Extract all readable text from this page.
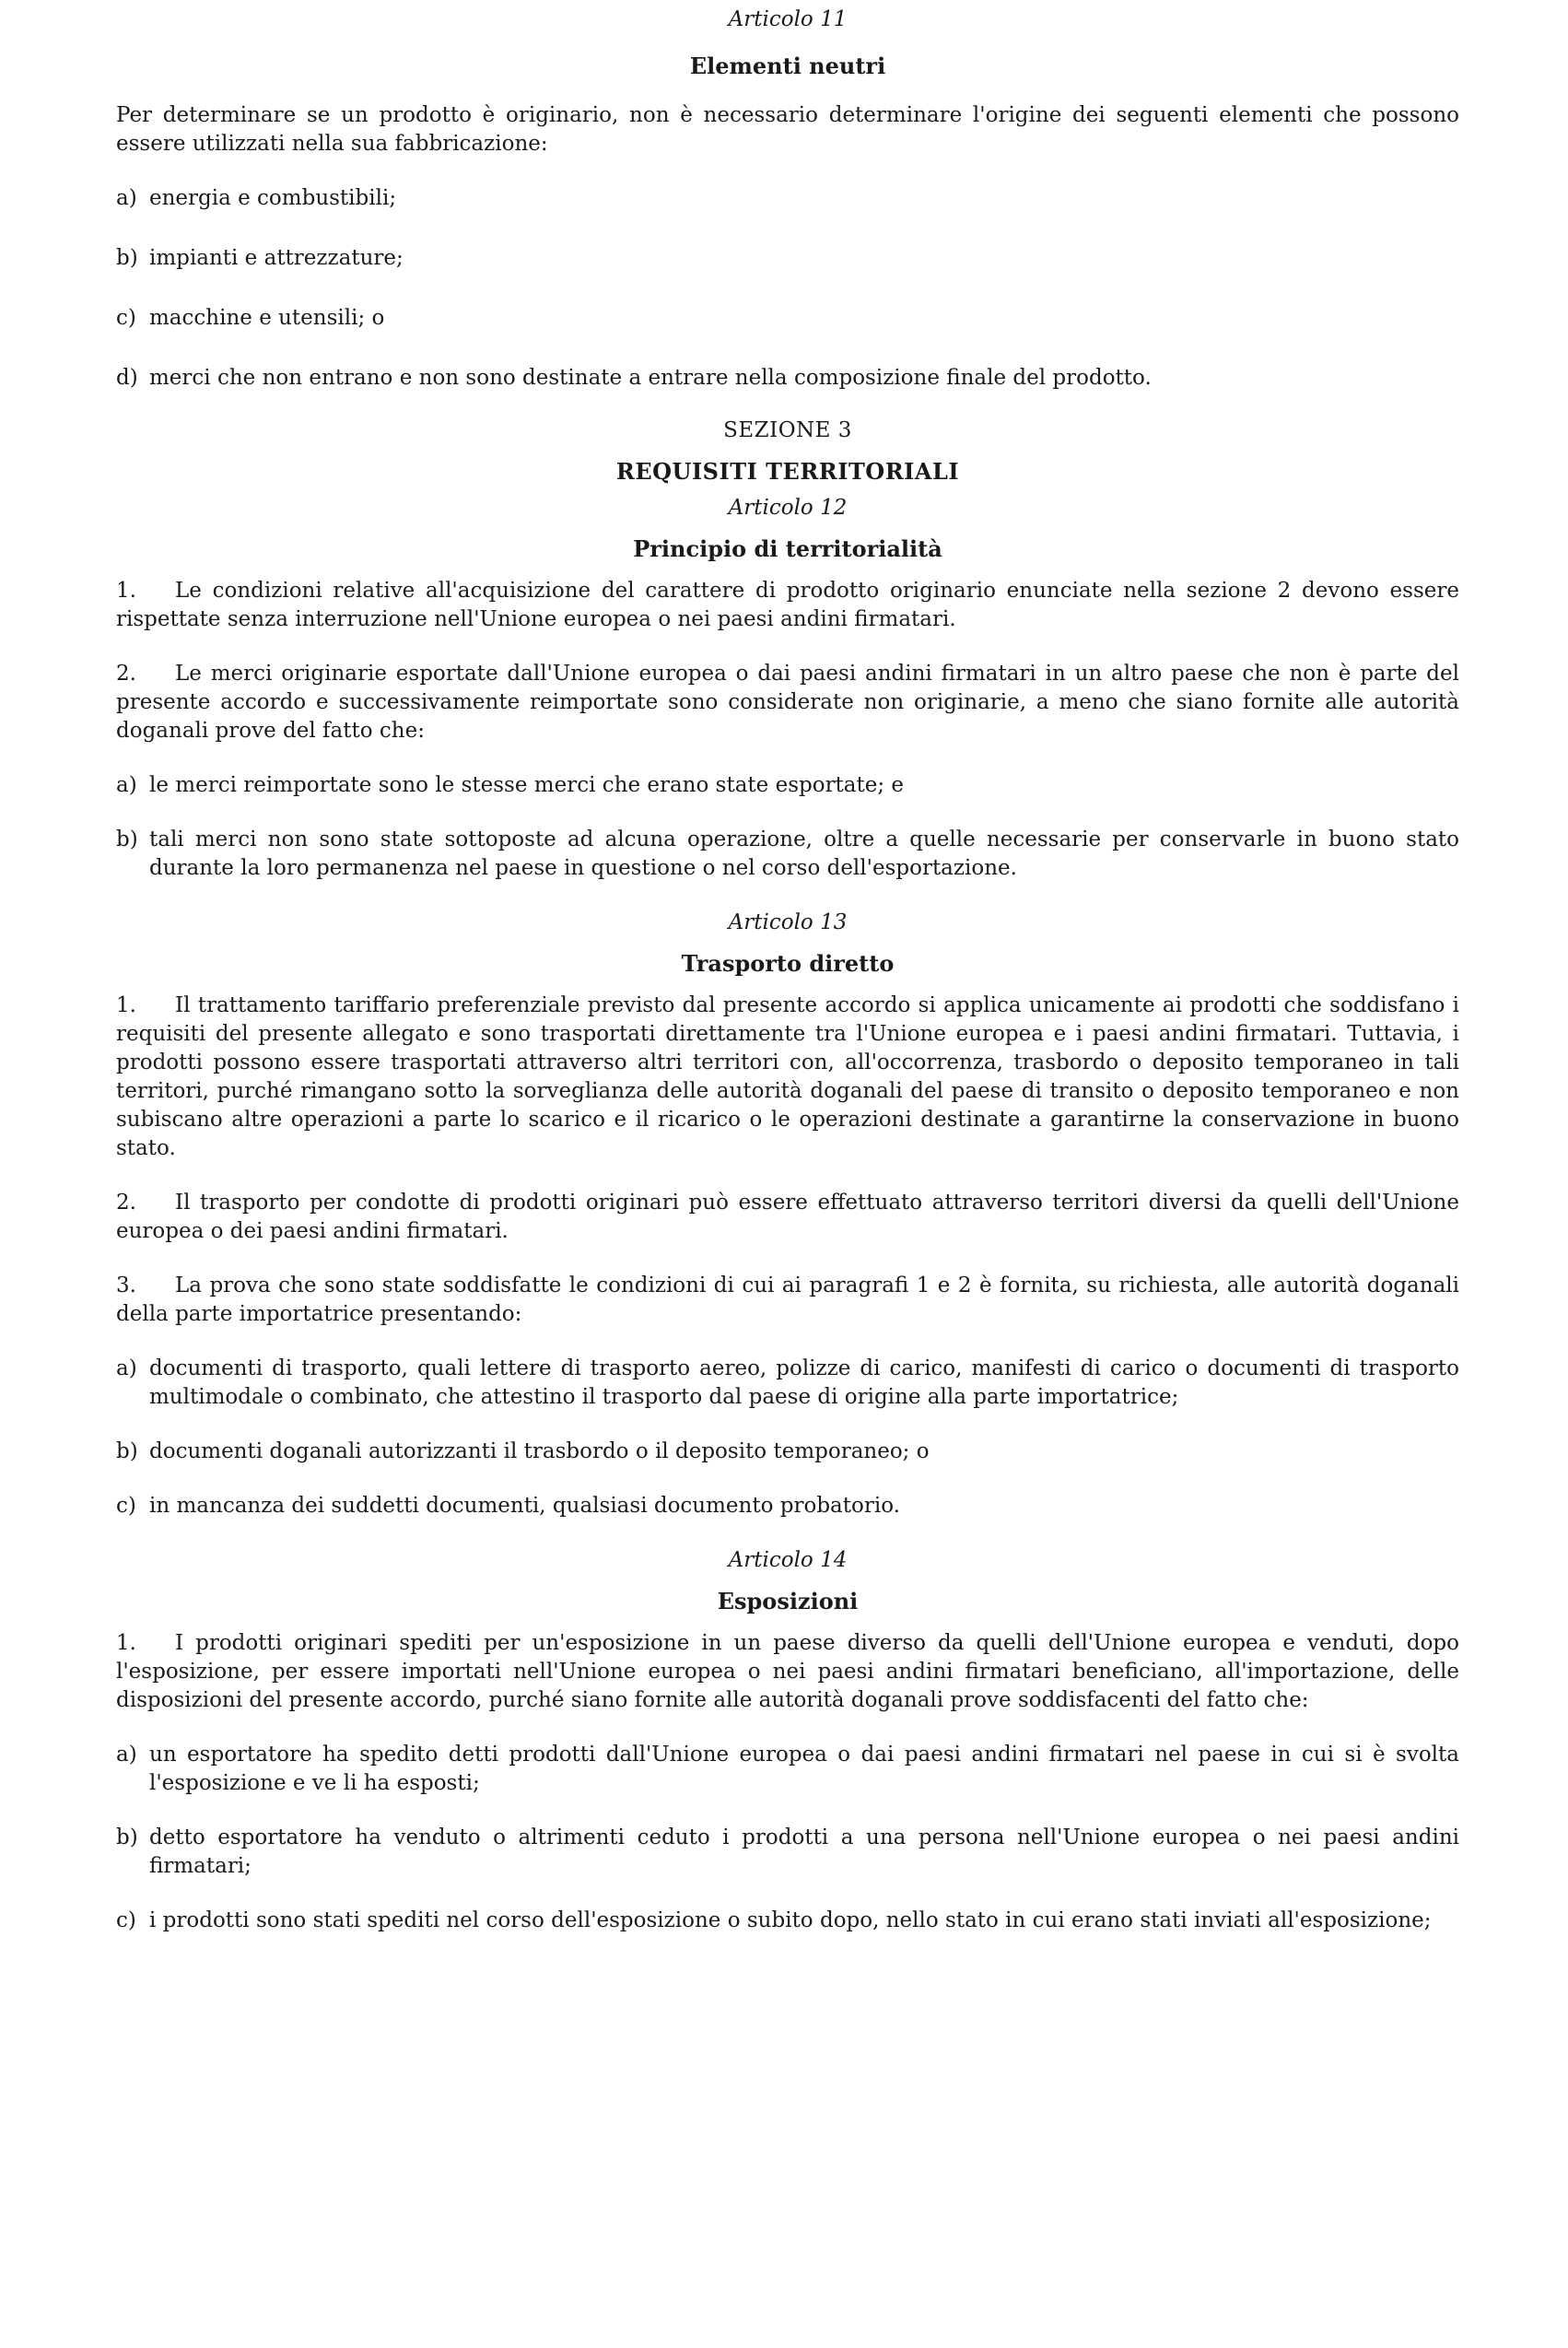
Articolo 11

Elementi neutri

Per determinare se un prodotto è originario, non è necessario determinare l'origine dei seguenti elementi che possono essere utilizzati nella sua fabbricazione:

a) energia e combustibili;

b) impianti e attrezzature;

c) macchine e utensili; o

d) merci che non entrano e non sono destinate a entrare nella composizione finale del prodotto.

SEZIONE 3

REQUISITI TERRITORIALI

Articolo 12

Principio di territorialità

1. Le condizioni relative all'acquisizione del carattere di prodotto originario enunciate nella sezione 2 devono essere rispettate senza interruzione nell'Unione europea o nei paesi andini firmatari.

2. Le merci originarie esportate dall'Unione europea o dai paesi andini firmatari in un altro paese che non è parte del presente accordo e successivamente reimportate sono considerate non originarie, a meno che siano fornite alle autorità doganali prove del fatto che:

a) le merci reimportate sono le stesse merci che erano state esportate; e

b) tali merci non sono state sottoposte ad alcuna operazione, oltre a quelle necessarie per conservarle in buono stato durante la loro permanenza nel paese in questione o nel corso dell'esportazione.

Articolo 13

Trasporto diretto

1. Il trattamento tariffario preferenziale previsto dal presente accordo si applica unicamente ai prodotti che soddisfano i requisiti del presente allegato e sono trasportati direttamente tra l'Unione europea e i paesi andini firmatari. Tuttavia, i prodotti possono essere trasportati attraverso altri territori con, all'occorrenza, trasbordo o deposito temporaneo in tali territori, purché rimangano sotto la sorveglianza delle autorità doganali del paese di transito o deposito temporaneo e non subiscano altre operazioni a parte lo scarico e il ricarico o le operazioni destinate a garantirne la conservazione in buono stato.

2. Il trasporto per condotte di prodotti originari può essere effettuato attraverso territori diversi da quelli dell'Unione europea o dei paesi andini firmatari.

3. La prova che sono state soddisfatte le condizioni di cui ai paragrafi 1 e 2 è fornita, su richiesta, alle autorità doganali della parte importatrice presentando:

a) documenti di trasporto, quali lettere di trasporto aereo, polizze di carico, manifesti di carico o documenti di trasporto multimodale o combinato, che attestino il trasporto dal paese di origine alla parte importatrice;

b) documenti doganali autorizzanti il trasbordo o il deposito temporaneo; o

c) in mancanza dei suddetti documenti, qualsiasi documento probatorio.

Articolo 14

Esposizioni

1. I prodotti originari spediti per un'esposizione in un paese diverso da quelli dell'Unione europea e venduti, dopo l'esposizione, per essere importati nell'Unione europea o nei paesi andini firmatari beneficiano, all'importazione, delle disposizioni del presente accordo, purché siano fornite alle autorità doganali prove soddisfacenti del fatto che:

a) un esportatore ha spedito detti prodotti dall'Unione europea o dai paesi andini firmatari nel paese in cui si è svolta l'esposizione e ve li ha esposti;

b) detto esportatore ha venduto o altrimenti ceduto i prodotti a una persona nell'Unione europea o nei paesi andini firmatari;

c) i prodotti sono stati spediti nel corso dell'esposizione o subito dopo, nello stato in cui erano stati inviati all'esposizione;
